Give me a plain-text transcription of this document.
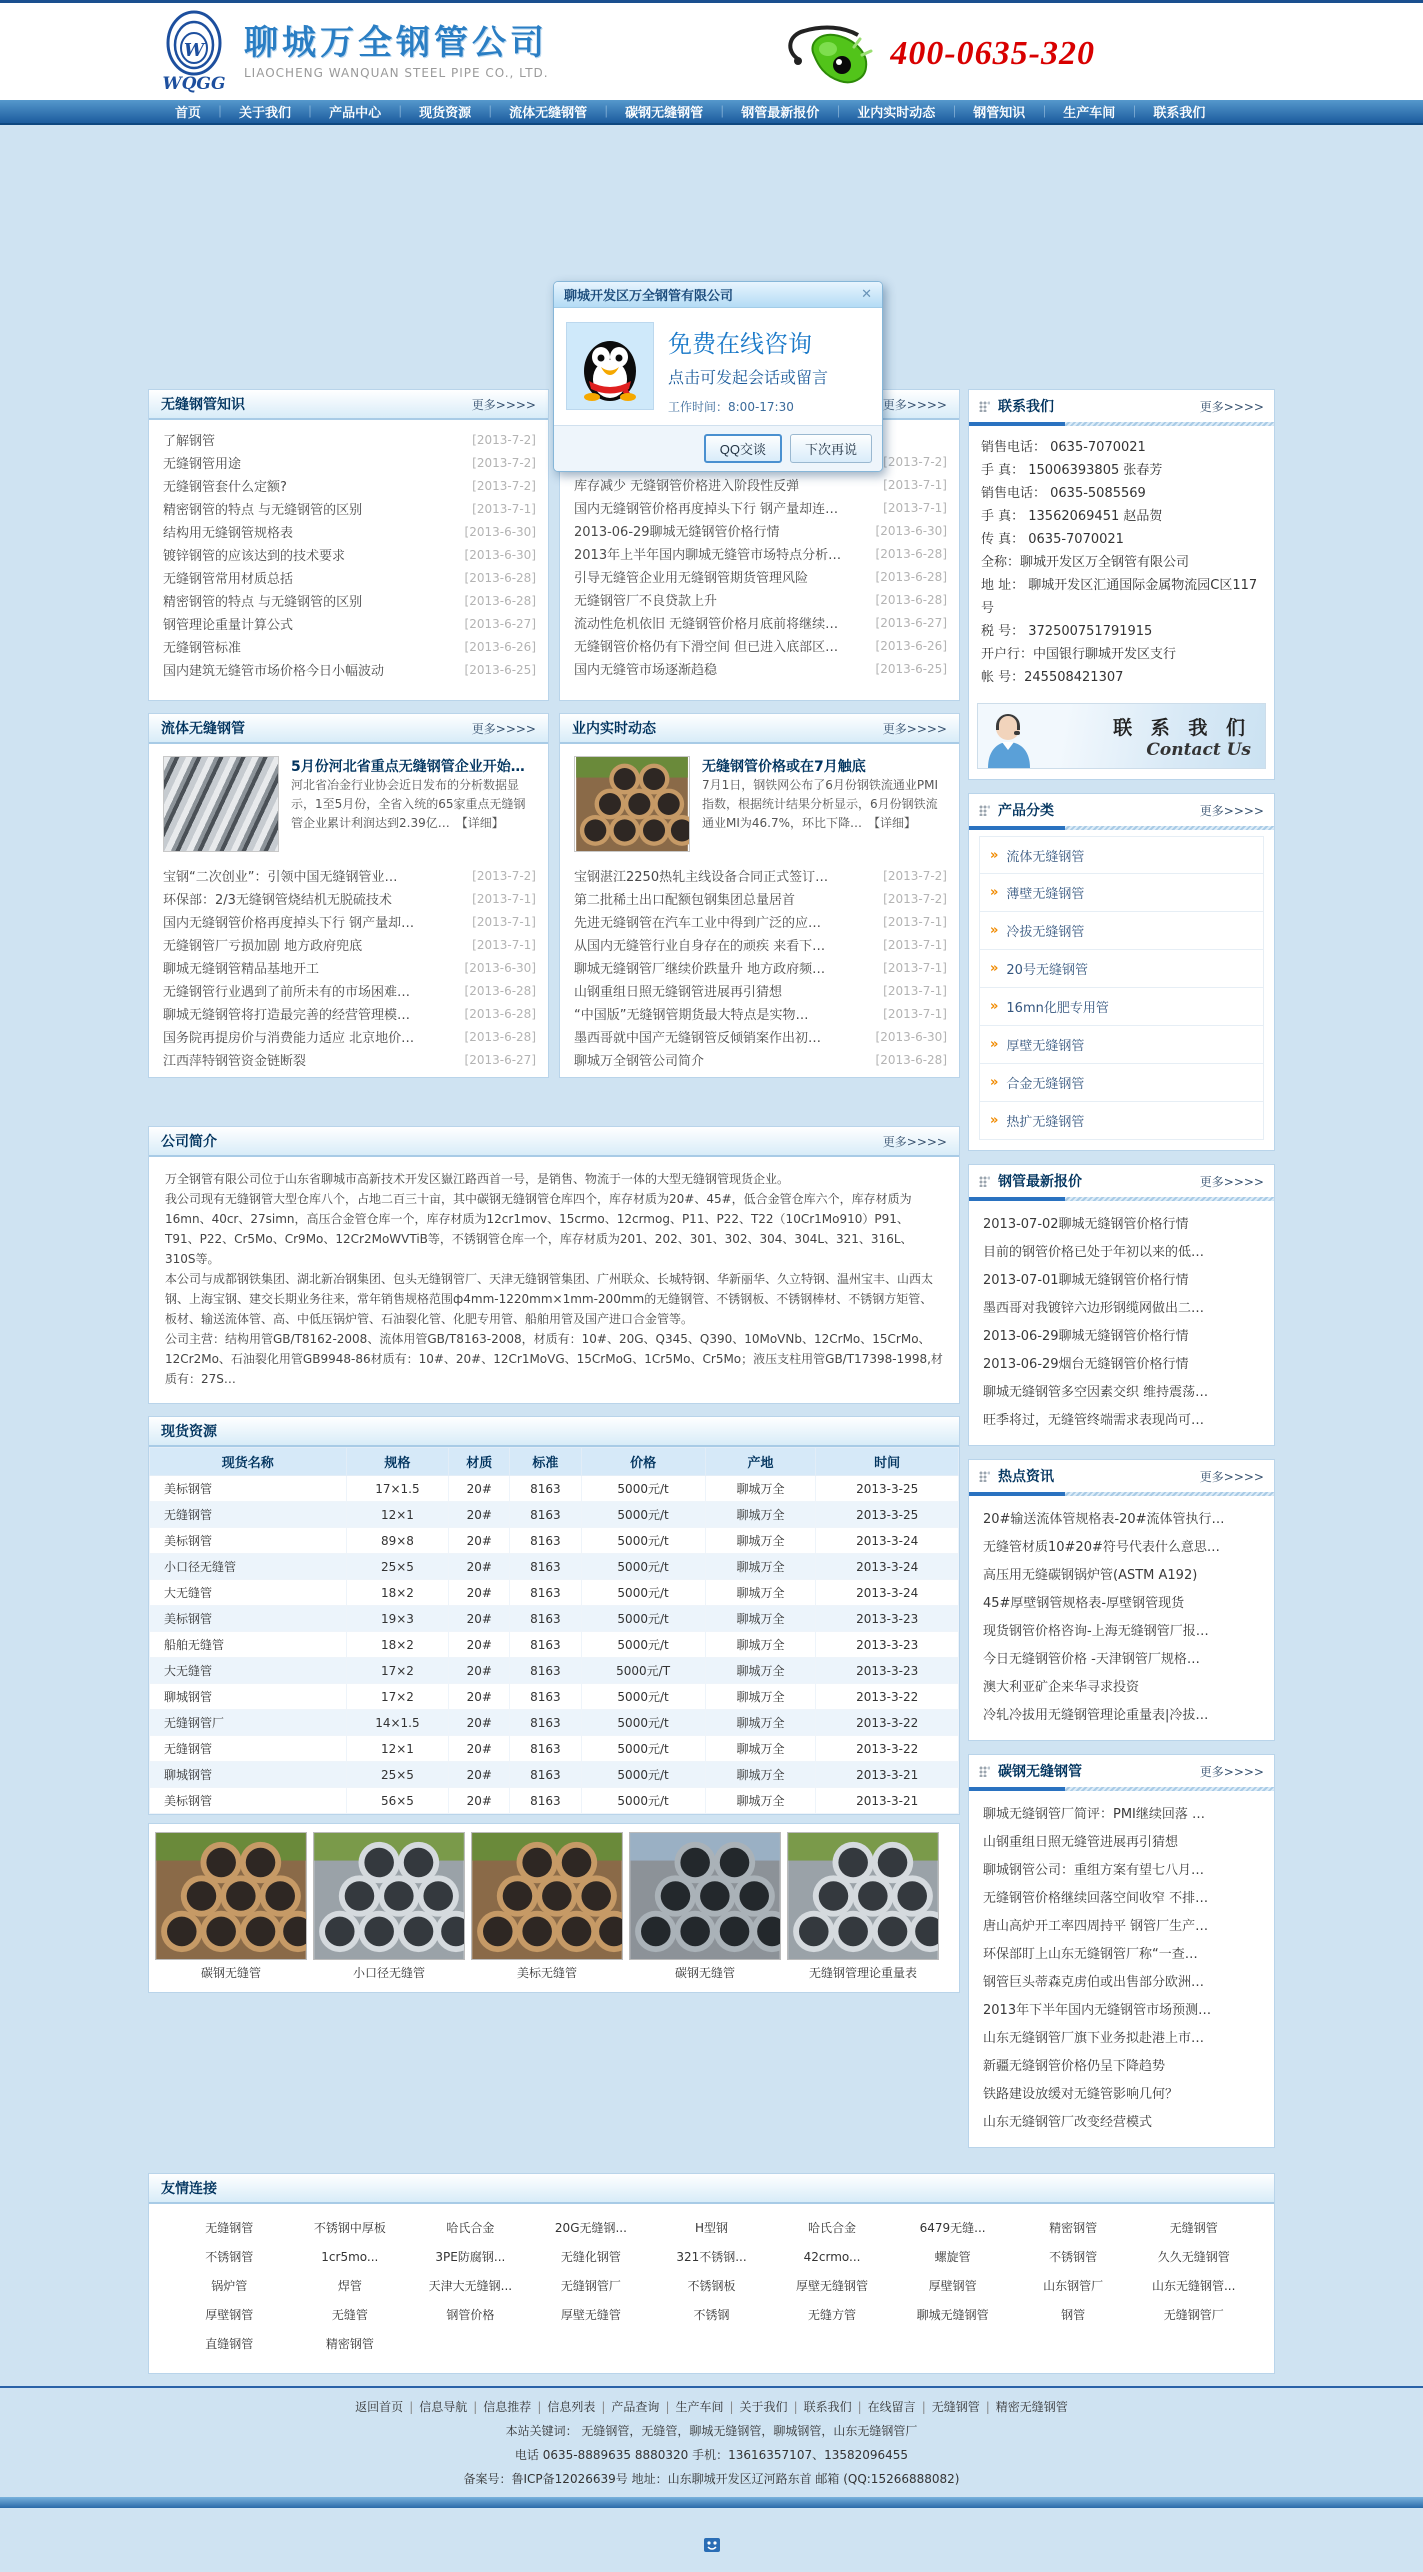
W
WQGG
聊城万全钢管公司
LIAOCHENG WANQUAN STEEL PIPE CO., LTD.
400-0635-320
首页	｜	关于我们	｜	产品中心	｜	现货资源	｜	流体无缝钢管	｜	碳钢无缝钢管	｜	钢管最新报价	｜	业内实时动态	｜	钢管知识	｜	生产车间	｜	联系我们
无缝钢管知识	更多>>>>
了解钢管	[2013-7-2]
无缝钢管用途	[2013-7-2]
无缝钢管套什么定额?	[2013-7-2]
精密钢管的特点 与无缝钢管的区别	[2013-7-1]
结构用无缝钢管规格表	[2013-6-30]
镀锌钢管的应该达到的技术要求	[2013-6-30]
无缝钢管常用材质总括	[2013-6-28]
精密钢管的特点 与无缝钢管的区别	[2013-6-28]
钢管理论重量计算公式	[2013-6-27]
无缝钢管标准	[2013-6-26]
国内建筑无缝管市场价格今日小幅波动	[2013-6-25]
更多>>>>
[2013-7-2]
库存减少 无缝钢管价格进入阶段性反弹	[2013-7-1]
国内无缝钢管价格再度掉头下行 钢产量却连…	[2013-7-1]
2013-06-29聊城无缝钢管价格行情	[2013-6-30]
2013年上半年国内聊城无缝管市场特点分析…	[2013-6-28]
引导无缝管企业用无缝钢管期货管理风险	[2013-6-28]
无缝钢管厂不良贷款上升	[2013-6-28]
流动性危机依旧 无缝钢管价格月底前将继续…	[2013-6-27]
无缝钢管价格仍有下滑空间 但已进入底部区…	[2013-6-26]
国内无缝管市场逐渐趋稳	[2013-6-25]
流体无缝钢管	更多>>>>
5月份河北省重点无缝钢管企业开始…

河北省冶金行业协会近日发布的分析数据显示，1至5月份，全省入统的65家重点无缝钢管企业累计利润达到2.39亿…　【详细】

宝钢“二次创业”：引领中国无缝钢管业…	[2013-7-2]
环保部：2/3无缝钢管烧结机无脱硫技术	[2013-7-1]
国内无缝钢管价格再度掉头下行 钢产量却…	[2013-7-1]
无缝钢管厂亏损加剧 地方政府兜底	[2013-7-1]
聊城无缝钢管精品基地开工	[2013-6-30]
无缝钢管行业遇到了前所未有的市场困难…	[2013-6-28]
聊城无缝钢管将打造最完善的经营管理模…	[2013-6-28]
国务院再提房价与消费能力适应 北京地价…	[2013-6-28]
江西萍特钢管资金链断裂	[2013-6-27]
业内实时动态	更多>>>>
无缝钢管价格或在7月触底

7月1日，钢铁网公布了6月份钢铁流通业PMI指数，根据统计结果分析显示，6月份钢铁流通业MI为46.7%，环比下降…　【详细】

宝钢湛江2250热轧主线设备合同正式签订…	[2013-7-2]
第二批稀土出口配额包钢集团总量居首	[2013-7-2]
先进无缝钢管在汽车工业中得到广泛的应…	[2013-7-1]
从国内无缝管行业自身存在的顽疾 来看下…	[2013-7-1]
聊城无缝钢管厂继续价跌量升 地方政府频…	[2013-7-1]
山钢重组日照无缝钢管进展再引猜想	[2013-7-1]
“中国版”无缝钢管期货最大特点是实物…	[2013-7-1]
墨西哥就中国产无缝钢管反倾销案作出初…	[2013-6-30]
聊城万全钢管公司简介	[2013-6-28]
公司简介	更多>>>>

万全钢管有限公司位于山东省聊城市高新技术开发区嶽江路西首一号，是销售、物流于一体的大型无缝钢管现货企业。

我公司现有无缝钢管大型仓库八个，占地二百三十亩，其中碳钢无缝钢管仓库四个，库存材质为20#、45#，低合金管仓库六个，库存材质为16mn、40cr、27simn，高压合金管仓库一个，库存材质为12cr1mov、15crmo、12crmog、P11、P22、T22（10Cr1Mo910）P91、T91、P22、Cr5Mo、Cr9Mo、12Cr2MoWVTiB等，不锈钢管仓库一个，库存材质为201、202、301、302、304、304L、321、316L、310S等。

本公司与成都钢铁集团、湖北新冶钢集团、包头无缝钢管厂、天津无缝钢管集团、广州联众、长城特钢、华新丽华、久立特钢、温州宝丰、山西太钢、上海宝钢、建交长期业务往来，常年销售规格范围ф4mm-1220mm×1mm-200mm的无缝钢管、不锈钢板、不锈钢棒材、不锈钢方矩管、板材、输送流体管、高、中低压锅炉管、石油裂化管、化肥专用管、船舶用管及国产进口合金管等。

公司主营：结构用管GB/T8162-2008、流体用管GB/T8163-2008，材质有：10#、20G、Q345、Q390、10MoVNb、12CrMo、15CrMo、12Cr2Mo、石油裂化用管GB9948-86材质有：10#、20#、12Cr1MoVG、15CrMoG、1Cr5Mo、Cr5Mo；液压支柱用管GB/T17398-1998,材质有：27S…

现货资源
现货名称	规格	材质	标准	价格	产地	时间
美标钢管	17×1.5	20#	8163	5000元/t	聊城万全	2013-3-25
无缝钢管	12×1	20#	8163	5000元/t	聊城万全	2013-3-25
美标钢管	89×8	20#	8163	5000元/t	聊城万全	2013-3-24
小口径无缝管	25×5	20#	8163	5000元/t	聊城万全	2013-3-24
大无缝管	18×2	20#	8163	5000元/t	聊城万全	2013-3-24
美标钢管	19×3	20#	8163	5000元/t	聊城万全	2013-3-23
船舶无缝管	18×2	20#	8163	5000元/t	聊城万全	2013-3-23
大无缝管	17×2	20#	8163	5000元/T	聊城万全	2013-3-23
聊城钢管	17×2	20#	8163	5000元/t	聊城万全	2013-3-22
无缝钢管厂	14×1.5	20#	8163	5000元/t	聊城万全	2013-3-22
无缝钢管	12×1	20#	8163	5000元/t	聊城万全	2013-3-22
聊城钢管	25×5	20#	8163	5000元/t	聊城万全	2013-3-21
美标钢管	56×5	20#	8163	5000元/t	聊城万全	2013-3-21
碳钢无缝管	小口径无缝管	美标无缝管	碳钢无缝管	无缝钢管理论重量表
联系我们	更多>>>>
销售电话： 0635-7070021
手 真： 15006393805 张春芳
销售电话： 0635-5085569
手 真： 13562069451 赵品贺
传 真： 0635-7070021
全称：聊城开发区万全钢管有限公司
地 址： 聊城开发区汇通国际金属物流园C区117号
税 号： 372500751791915
开户行：中国银行聊城开发区支行
帐 号：245508421307
联 系 我 们
Contact Us
产品分类	更多>>>>
» 流体无缝钢管
» 薄壁无缝钢管
» 冷拔无缝钢管
» 20号无缝钢管
» 16mn化肥专用管
» 厚壁无缝钢管
» 合金无缝钢管
» 热扩无缝钢管
钢管最新报价	更多>>>>
2013-07-02聊城无缝钢管价格行情
目前的钢管价格已处于年初以来的低…
2013-07-01聊城无缝钢管价格行情
墨西哥对我镀锌六边形钢缆网做出二…
2013-06-29聊城无缝钢管价格行情
2013-06-29烟台无缝钢管价格行情
聊城无缝钢管多空因素交织 维持震荡…
旺季将过，无缝管终端需求表现尚可…
热点资讯	更多>>>>
20#输送流体管规格表-20#流体管执行…
无缝管材质10#20#符号代表什么意思…
高压用无缝碳钢锅炉管(ASTM A192)
45#厚壁钢管规格表-厚壁钢管现货
现货钢管价格咨询-上海无缝钢管厂报…
今日无缝钢管价格 -天津钢管厂规格…
澳大利亚矿企来华寻求投资
冷轧冷拔用无缝钢管理论重量表|冷拔…
碳钢无缝钢管	更多>>>>
聊城无缝钢管厂简评：PMI继续回落 …
山钢重组日照无缝管进展再引猜想
聊城钢管公司：重组方案有望七八月…
无缝钢管价格继续回落空间收窄 不排…
唐山高炉开工率四周持平 钢管厂生产…
环保部盯上山东无缝钢管厂称“一查…
钢管巨头蒂森克虏伯或出售部分欧洲…
2013年下半年国内无缝钢管市场预测…
山东无缝钢管厂旗下业务拟赴港上市…
新疆无缝钢管价格仍呈下降趋势
铁路建设放缓对无缝管影响几何？
山东无缝钢管厂改变经营模式
友情连接
无缝钢管	不锈钢中厚板	哈氏合金	20G无缝钢...	H型钢	哈氏合金	6479无缝...	精密钢管	无缝钢管
不锈钢管	1cr5mo...	3PE防腐钢...	无缝化钢管	321不锈钢...	42crmo...	螺旋管	不锈钢管	久久无缝钢管
锅炉管	焊管	天津大无缝钢...	无缝钢管厂	不锈钢板	厚壁无缝钢管	厚壁钢管	山东钢管厂	山东无缝钢管...
厚壁钢管	无缝管	钢管价格	厚壁无缝管	不锈钢	无缝方管	聊城无缝钢管	钢管	无缝钢管厂
直缝钢管	精密钢管
返回首页 | 信息导航 | 信息推荐 | 信息列表 | 产品查询 | 生产车间 | 关于我们 | 联系我们 | 在线留言 | 无缝钢管 | 精密无缝钢管
本站关键词： 无缝钢管，无缝管，聊城无缝钢管，聊城钢管，山东无缝钢管厂
电话 0635-8889635 8880320 手机：13616357107、13582096455
备案号：鲁ICP备12026639号 地址：山东聊城开发区辽河路东首 邮箱 (QQ:15266888082)
聊城开发区万全钢管有限公司	✕
免费在线咨询
点击可发起会话或留言
工作时间：8:00-17:30
QQ交谈	下次再说
